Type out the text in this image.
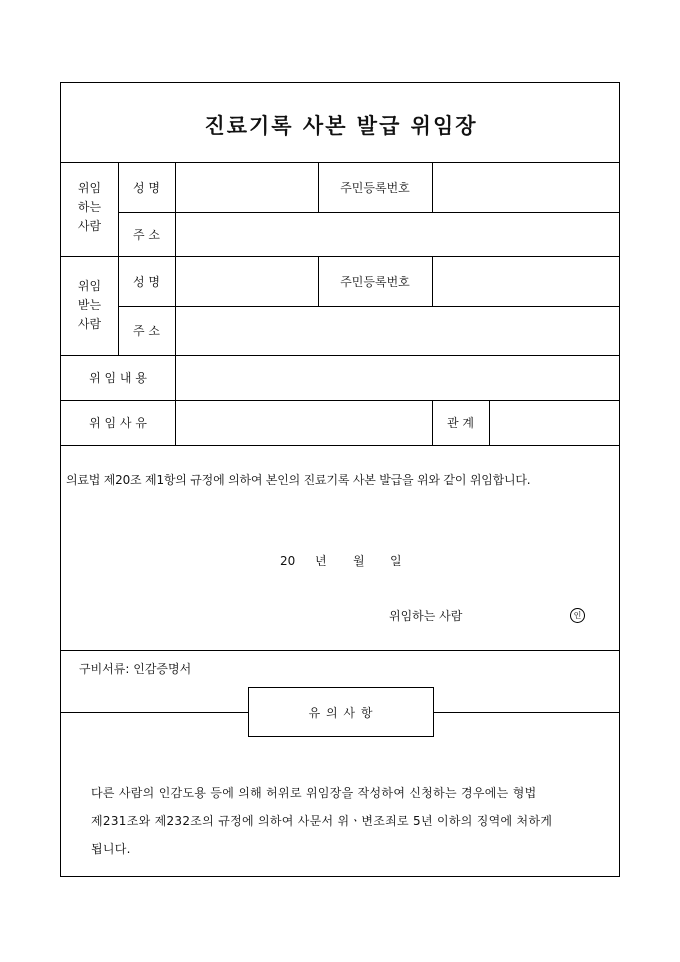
진료기록 사본 발급 위임장
위임
하는
사람
성 명	주민등록번호
주 소
위임
받는
사람
성 명	주민등록번호
주 소
위 임 내 용
위 임 사 유	관 계
의료법 제20조 제1항의 규정에 의하여 본인의 진료기록 사본 발급을 위와 같이 위임합니다.
20 년 월 일
위임하는 사람	인
구비서류: 인감증명서
유 의 사 항
다른 사람의 인감도용 등에 의해 허위로 위임장을 작성하여 신청하는 경우에는 형법
제231조와 제232조의 규정에 의하여 사문서 위ㆍ변조죄로 5년 이하의 징역에 처하게
됩니다.
